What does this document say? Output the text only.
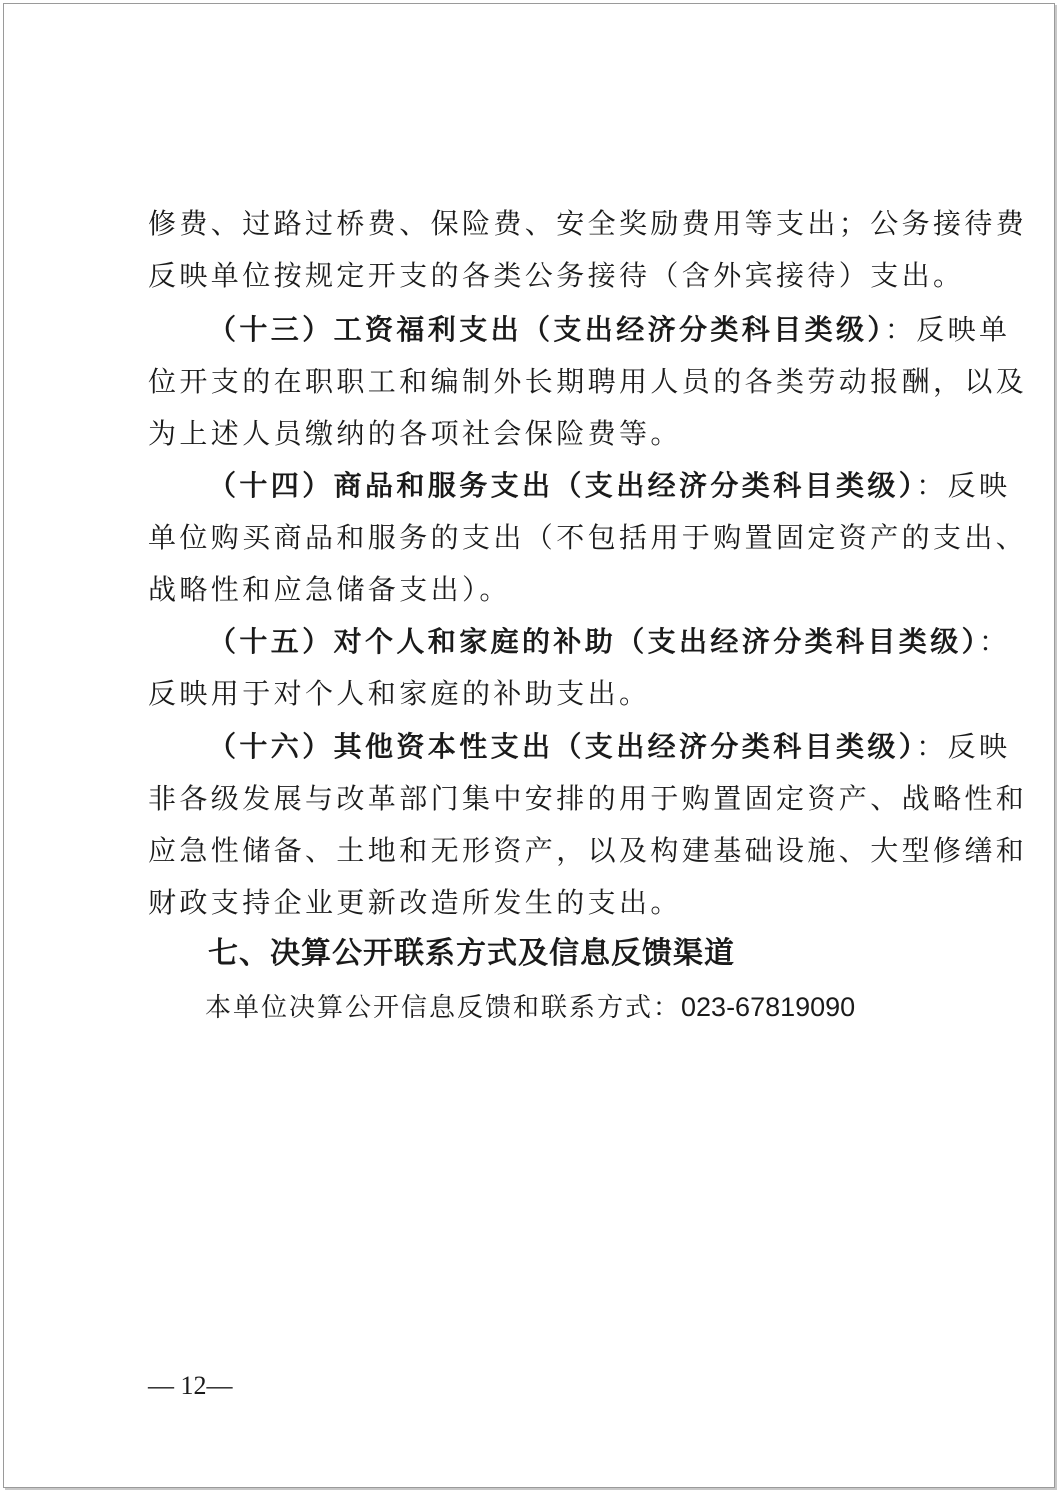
修费、过路过桥费、保险费、安全奖励费用等支出；公务接待费
反映单位按规定开支的各类公务接待（含外宾接待）支出。
（十三）工资福利支出（支出经济分类科目类级）：反映单
位开支的在职职工和编制外长期聘用人员的各类劳动报酬，以及
为上述人员缴纳的各项社会保险费等。
（十四）商品和服务支出（支出经济分类科目类级）：反映
单位购买商品和服务的支出（不包括用于购置固定资产的支出、
战略性和应急储备支出）。
（十五）对个人和家庭的补助（支出经济分类科目类级）：
反映用于对个人和家庭的补助支出。
（十六）其他资本性支出（支出经济分类科目类级）：反映
非各级发展与改革部门集中安排的用于购置固定资产、战略性和
应急性储备、土地和无形资产，以及构建基础设施、大型修缮和
财政支持企业更新改造所发生的支出。
七、决算公开联系方式及信息反馈渠道
本单位决算公开信息反馈和联系方式：023-67819090
— 12—
